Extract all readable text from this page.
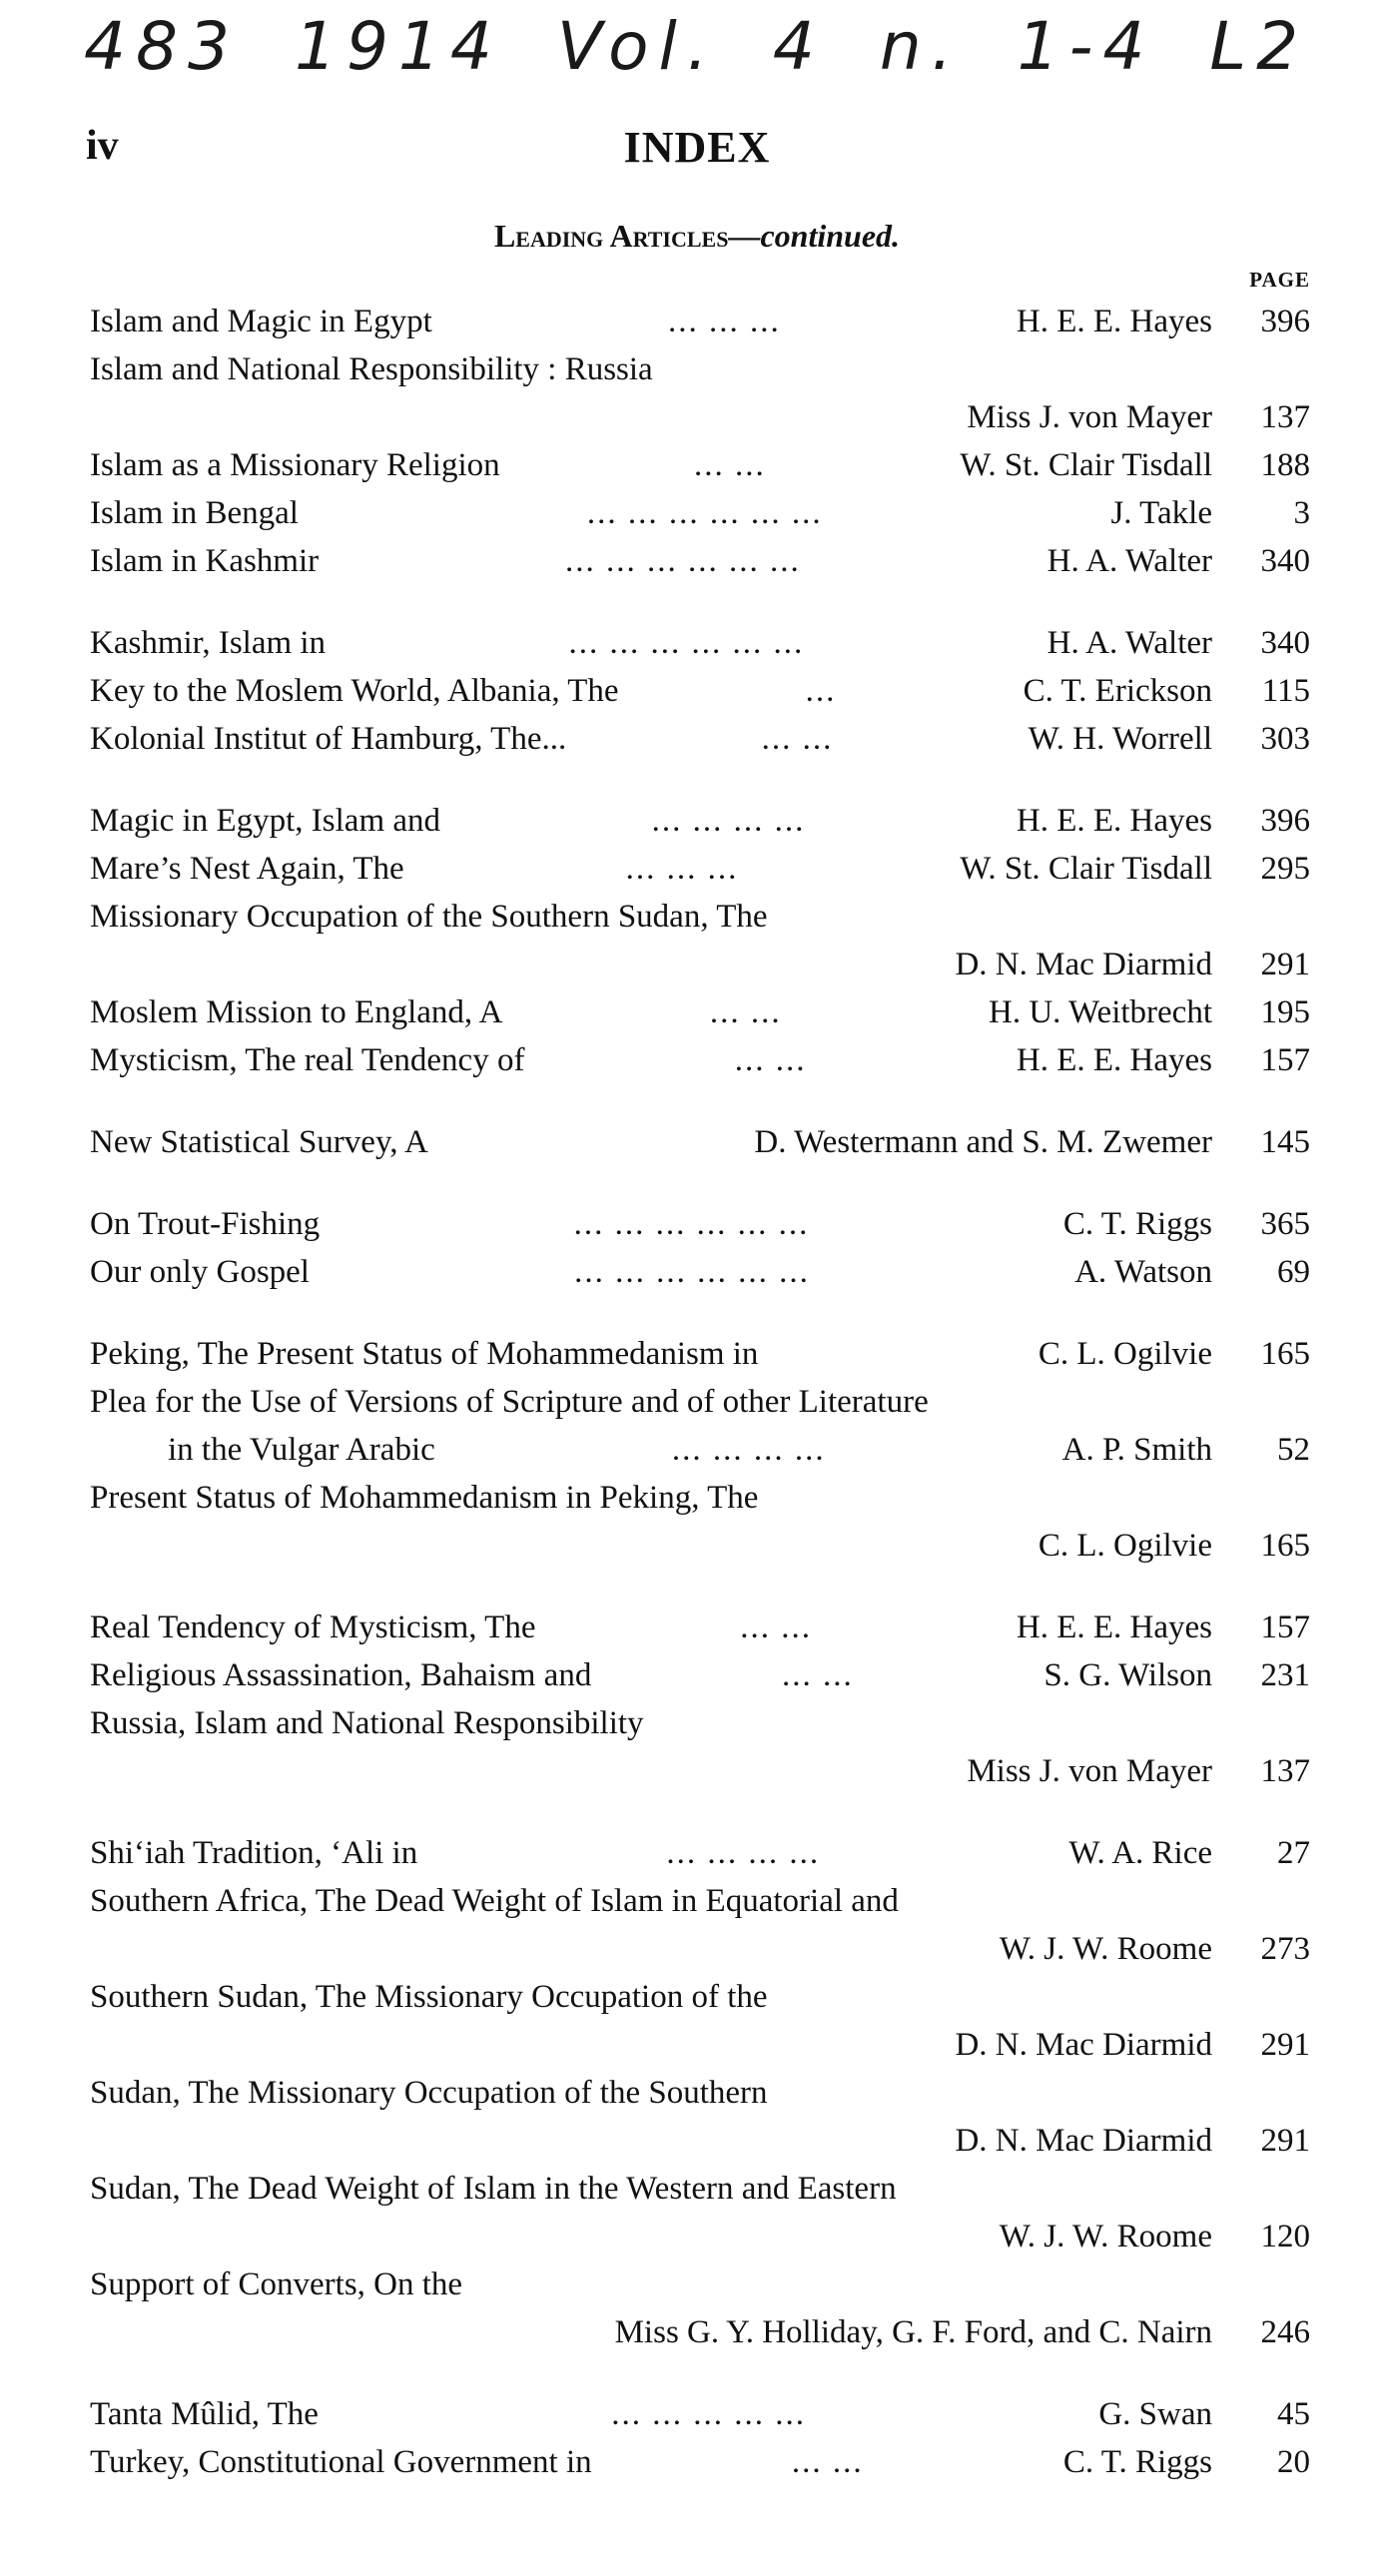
483 1914 Vol. 4 n. 1-4 L2
iv	INDEX
Leading Articles—continued.
PAGE
Islam and Magic in Egypt	... ... ...	H. E. E. Hayes	396
Islam and National Responsibility : Russia
Miss J. von Mayer	137
Islam as a Missionary Religion	... ...	W. St. Clair Tisdall	188
Islam in Bengal	... ... ... ... ... ...	J. Takle	3
Islam in Kashmir	... ... ... ... ... ...	H. A. Walter	340
Kashmir, Islam in	... ... ... ... ... ...	H. A. Walter	340
Key to the Moslem World, Albania, The	...	C. T. Erickson	115
Kolonial Institut of Hamburg, The...	... ...	W. H. Worrell	303
Magic in Egypt, Islam and	... ... ... ...	H. E. E. Hayes	396
Mare’s Nest Again, The	... ... ...	W. St. Clair Tisdall	295
Missionary Occupation of the Southern Sudan, The
D. N. Mac Diarmid	291
Moslem Mission to England, A	... ...	H. U. Weitbrecht	195
Mysticism, The real Tendency of	... ...	H. E. E. Hayes	157
New Statistical Survey, A	D. Westermann and S. M. Zwemer	145
On Trout-Fishing	... ... ... ... ... ...	C. T. Riggs	365
Our only Gospel	... ... ... ... ... ...	A. Watson	69
Peking, The Present Status of Mohammedanism in	C. L. Ogilvie	165
Plea for the Use of Versions of Scripture and of other Literature
in the Vulgar Arabic	... ... ... ...	A. P. Smith	52
Present Status of Mohammedanism in Peking, The
C. L. Ogilvie	165
Real Tendency of Mysticism, The	... ...	H. E. E. Hayes	157
Religious Assassination, Bahaism and	... ...	S. G. Wilson	231
Russia, Islam and National Responsibility
Miss J. von Mayer	137
Shi‘iah Tradition, ‘Ali in	... ... ... ...	W. A. Rice	27
Southern Africa, The Dead Weight of Islam in Equatorial and
W. J. W. Roome	273
Southern Sudan, The Missionary Occupation of the
D. N. Mac Diarmid	291
Sudan, The Missionary Occupation of the Southern
D. N. Mac Diarmid	291
Sudan, The Dead Weight of Islam in the Western and Eastern
W. J. W. Roome	120
Support of Converts, On the
Miss G. Y. Holliday, G. F. Ford, and C. Nairn	246
Tanta Mûlid, The	... ... ... ... ...	G. Swan	45
Turkey, Constitutional Government in	... ...	C. T. Riggs	20
